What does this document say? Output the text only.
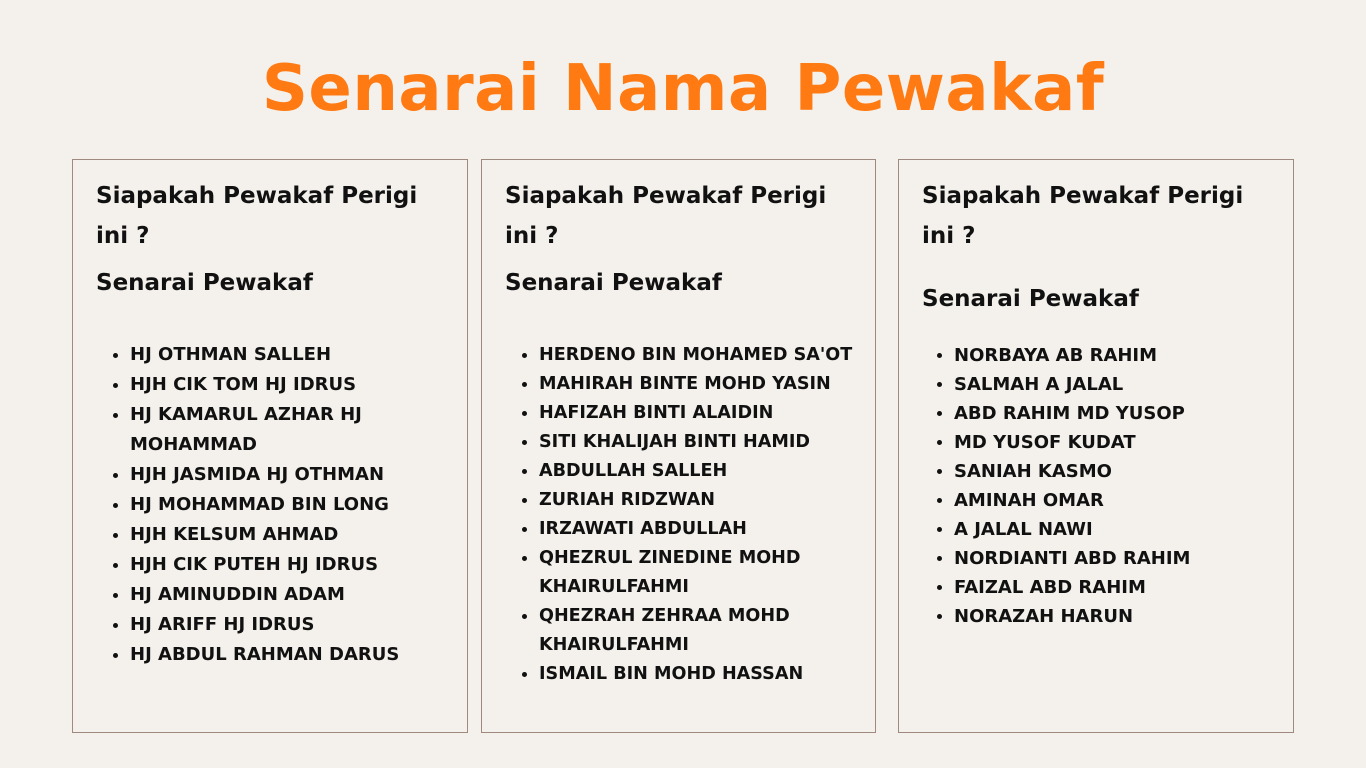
Senarai Nama Pewakaf
Siapakah Pewakaf Perigi ini ?
Senarai Pewakaf
HJ OTHMAN SALLEH
HJH CIK TOM HJ IDRUS
HJ KAMARUL AZHAR HJ MOHAMMAD
HJH JASMIDA HJ OTHMAN
HJ MOHAMMAD BIN LONG
HJH KELSUM AHMAD
HJH CIK PUTEH HJ IDRUS
HJ AMINUDDIN ADAM
HJ ARIFF HJ IDRUS
HJ ABDUL RAHMAN DARUS
Siapakah Pewakaf Perigi ini ?
Senarai Pewakaf
HERDENO BIN MOHAMED SA'OT
MAHIRAH BINTE MOHD YASIN
HAFIZAH BINTI ALAIDIN
SITI KHALIJAH BINTI HAMID
ABDULLAH SALLEH
ZURIAH RIDZWAN
IRZAWATI ABDULLAH
QHEZRUL ZINEDINE MOHD KHAIRULFAHMI
QHEZRAH ZEHRAA MOHD KHAIRULFAHMI
ISMAIL BIN MOHD HASSAN
Siapakah Pewakaf Perigi ini ?
Senarai Pewakaf
NORBAYA AB RAHIM
SALMAH A JALAL
ABD RAHIM MD YUSOP
MD YUSOF KUDAT
SANIAH KASMO
AMINAH OMAR
A JALAL NAWI
NORDIANTI ABD RAHIM
FAIZAL ABD RAHIM
NORAZAH HARUN
